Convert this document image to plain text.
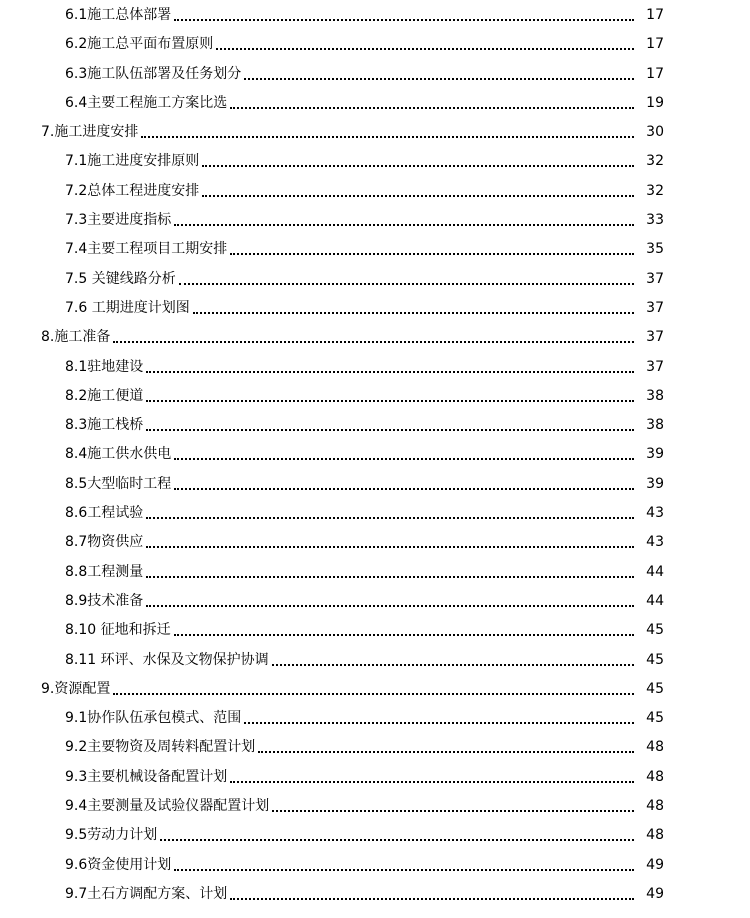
6.1施工总体部署	17
6.2施工总平面布置原则	17
6.3施工队伍部署及任务划分	17
6.4主要工程施工方案比选	19
7.施工进度安排	30
7.1施工进度安排原则	32
7.2总体工程进度安排	32
7.3主要进度指标	33
7.4主要工程项目工期安排	35
7.5 关键线路分析	37
7.6 工期进度计划图	37
8.施工准备	37
8.1驻地建设	37
8.2施工便道	38
8.3施工栈桥	38
8.4施工供水供电	39
8.5大型临时工程	39
8.6工程试验	43
8.7物资供应	43
8.8工程测量	44
8.9技术准备	44
8.10 征地和拆迁	45
8.11 环评、水保及文物保护协调	45
9.资源配置	45
9.1协作队伍承包模式、范围	45
9.2主要物资及周转料配置计划	48
9.3主要机械设备配置计划	48
9.4主要测量及试验仪器配置计划	48
9.5劳动力计划	48
9.6资金使用计划	49
9.7土石方调配方案、计划	49
